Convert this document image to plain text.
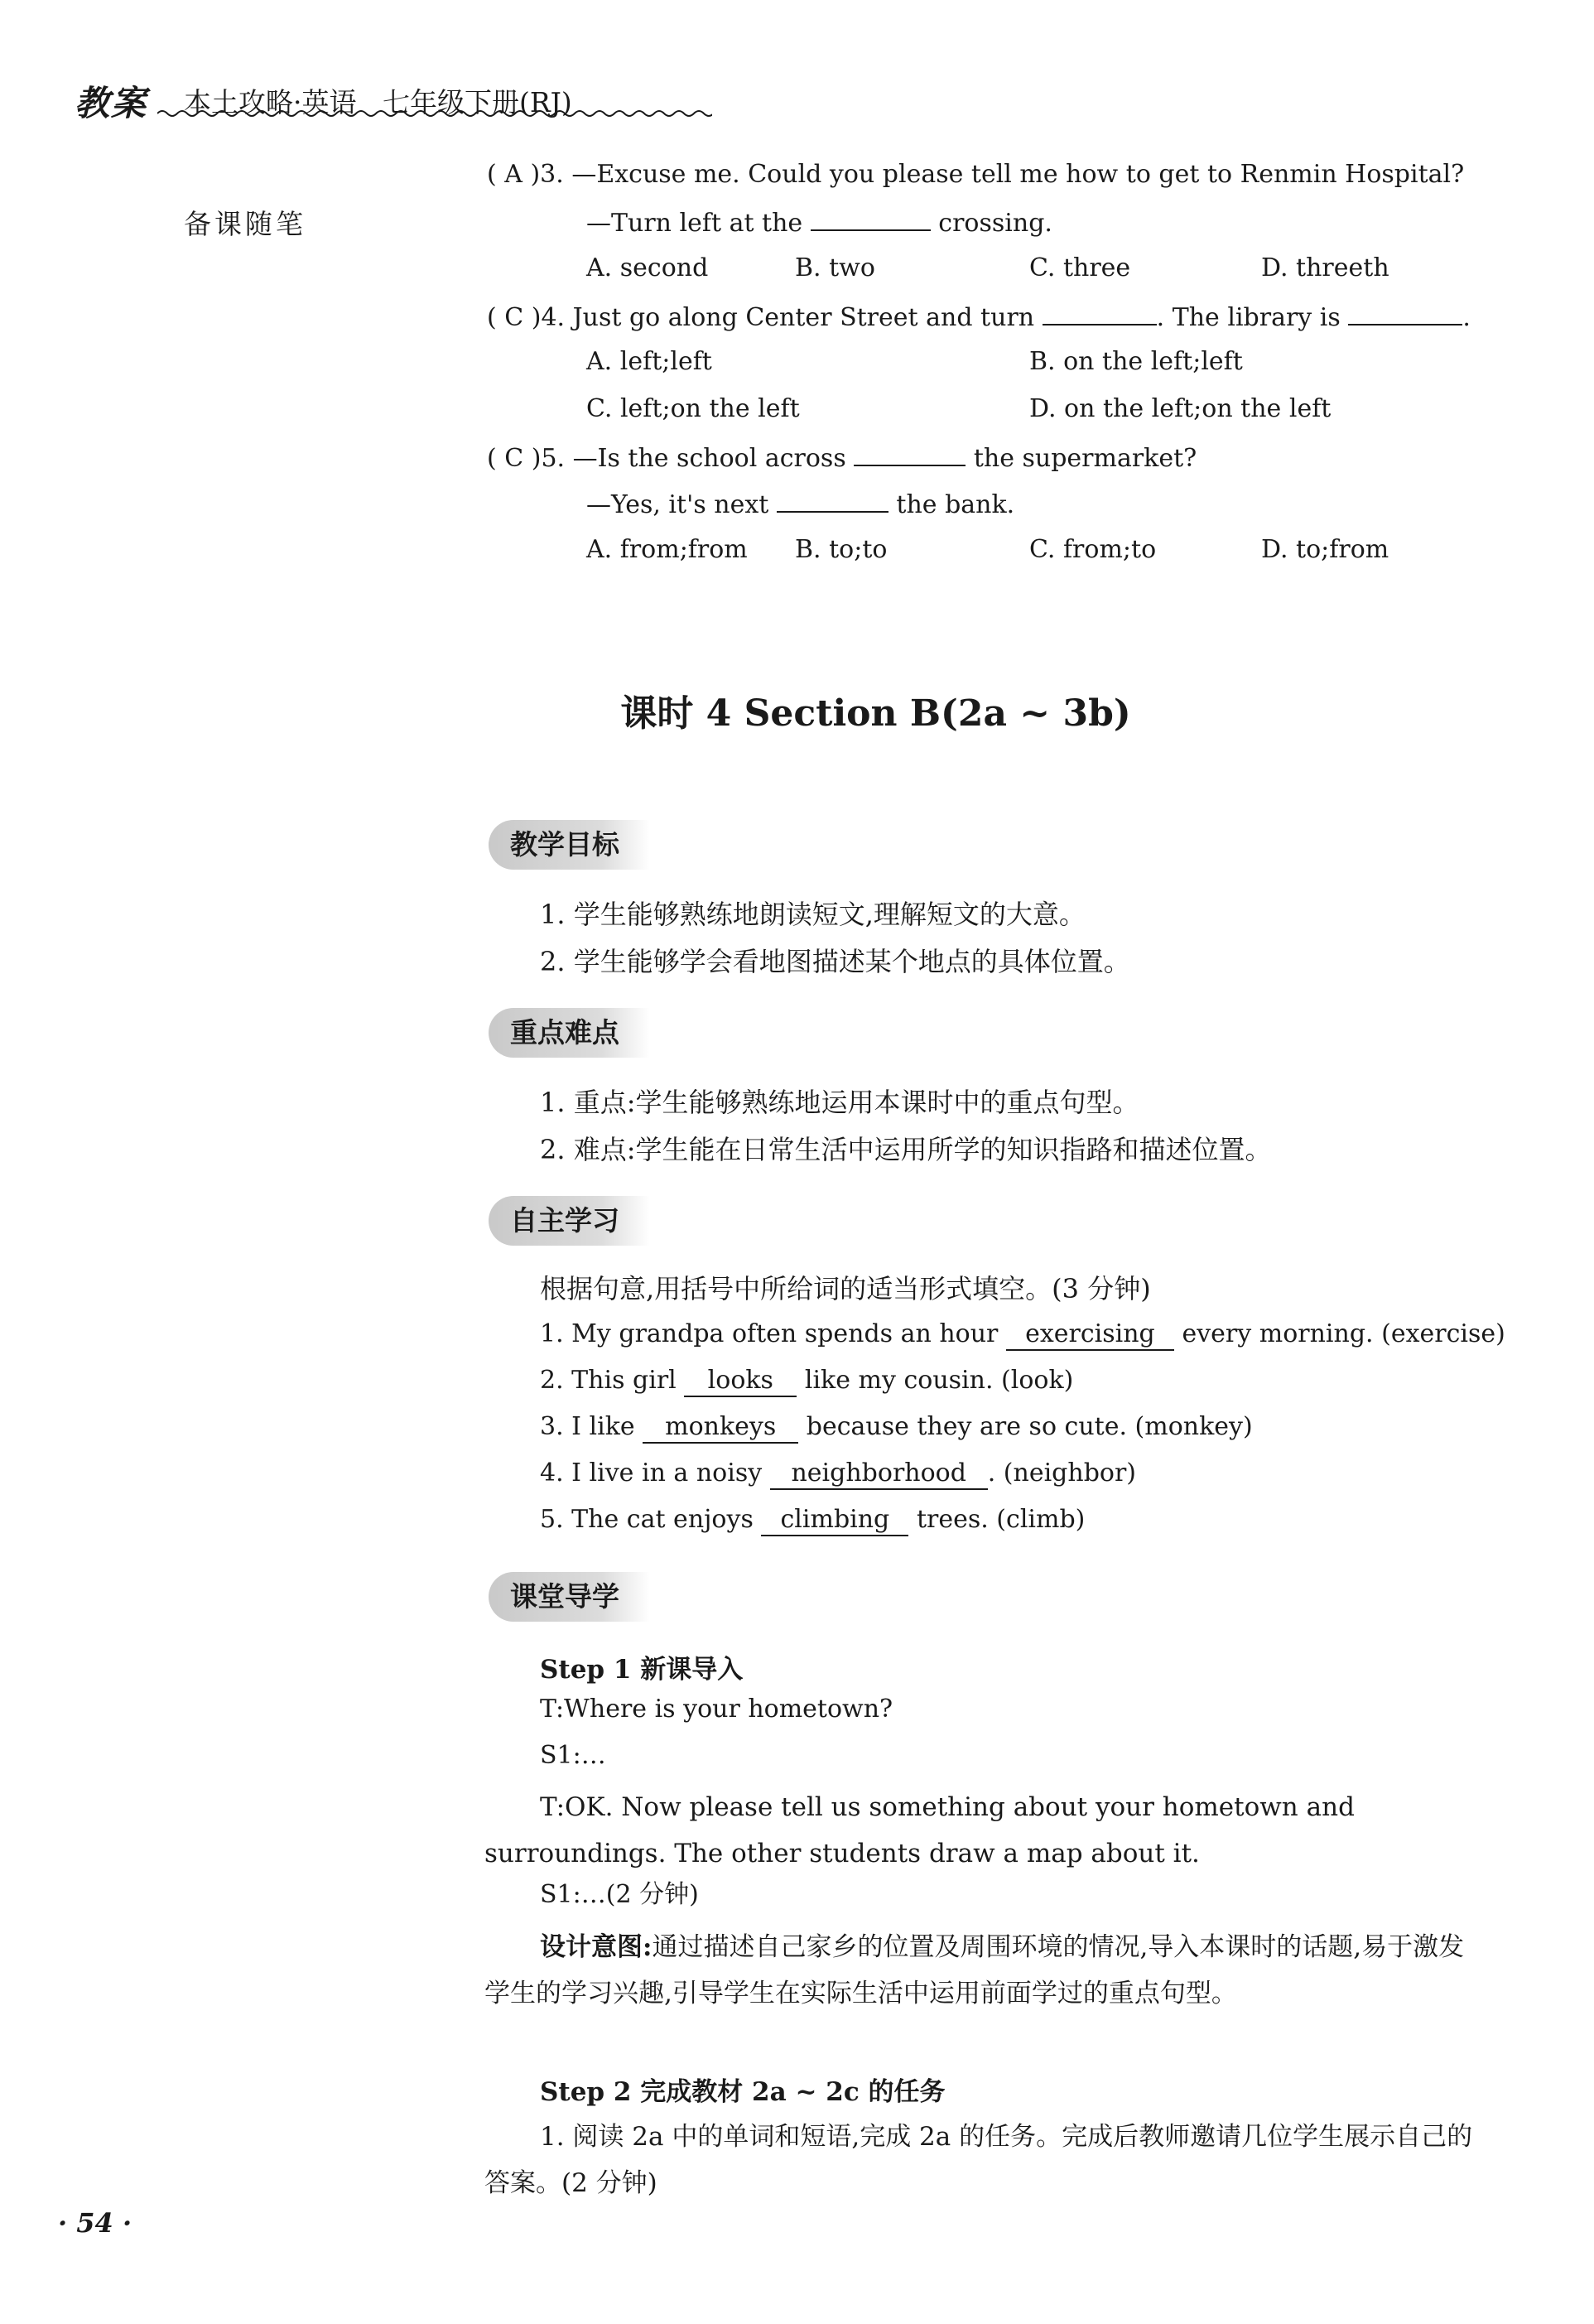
教案 本土攻略·英语   七年级下册(RJ)
备课随笔
( A )3. —Excuse me. Could you please tell me how to get to Renmin Hospital?
—Turn left at the	crossing.
A. second	B. two	C. three	D. threeth
( C )4. Just go along Center Street and turn	. The library is	.
A. left;left	B. on the left;left
C. left;on the left	D. on the left;on the left
( C )5. —Is the school across	the supermarket?
—Yes, it's next	the bank.
A. from;from B. to;to	C. from;to	D. to;from
课时 4 Section B(2a ~ 3b)
教学目标
1. 学生能够熟练地朗读短文,理解短文的大意。
2. 学生能够学会看地图描述某个地点的具体位置。
重点难点
1. 重点:学生能够熟练地运用本课时中的重点句型。
2. 难点:学生能在日常生活中运用所学的知识指路和描述位置。
自主学习
根据句意,用括号中所给词的适当形式填空。(3 分钟)
1. My grandpa often spends an hour exercising every morning. (exercise)
2. This girl looks like my cousin. (look)
3. I like monkeys because they are so cute. (monkey)
4. I live in a noisy neighborhood . (neighbor)
5. The cat enjoys climbing trees. (climb)
课堂导学
Step 1 新课导入
T:Where is your hometown?
S1:…
T:OK. Now please tell us something about your hometown and surroundings. The other students draw a map about it.
S1:…(2 分钟)
设计意图:通过描述自己家乡的位置及周围环境的情况,导入本课时的话题,易于激发学生的学习兴趣,引导学生在实际生活中运用前面学过的重点句型。
Step 2 完成教材 2a ~ 2c 的任务
1. 阅读 2a 中的单词和短语,完成 2a 的任务。完成后教师邀请几位学生展示自己的答案。(2 分钟)
· 54 ·
